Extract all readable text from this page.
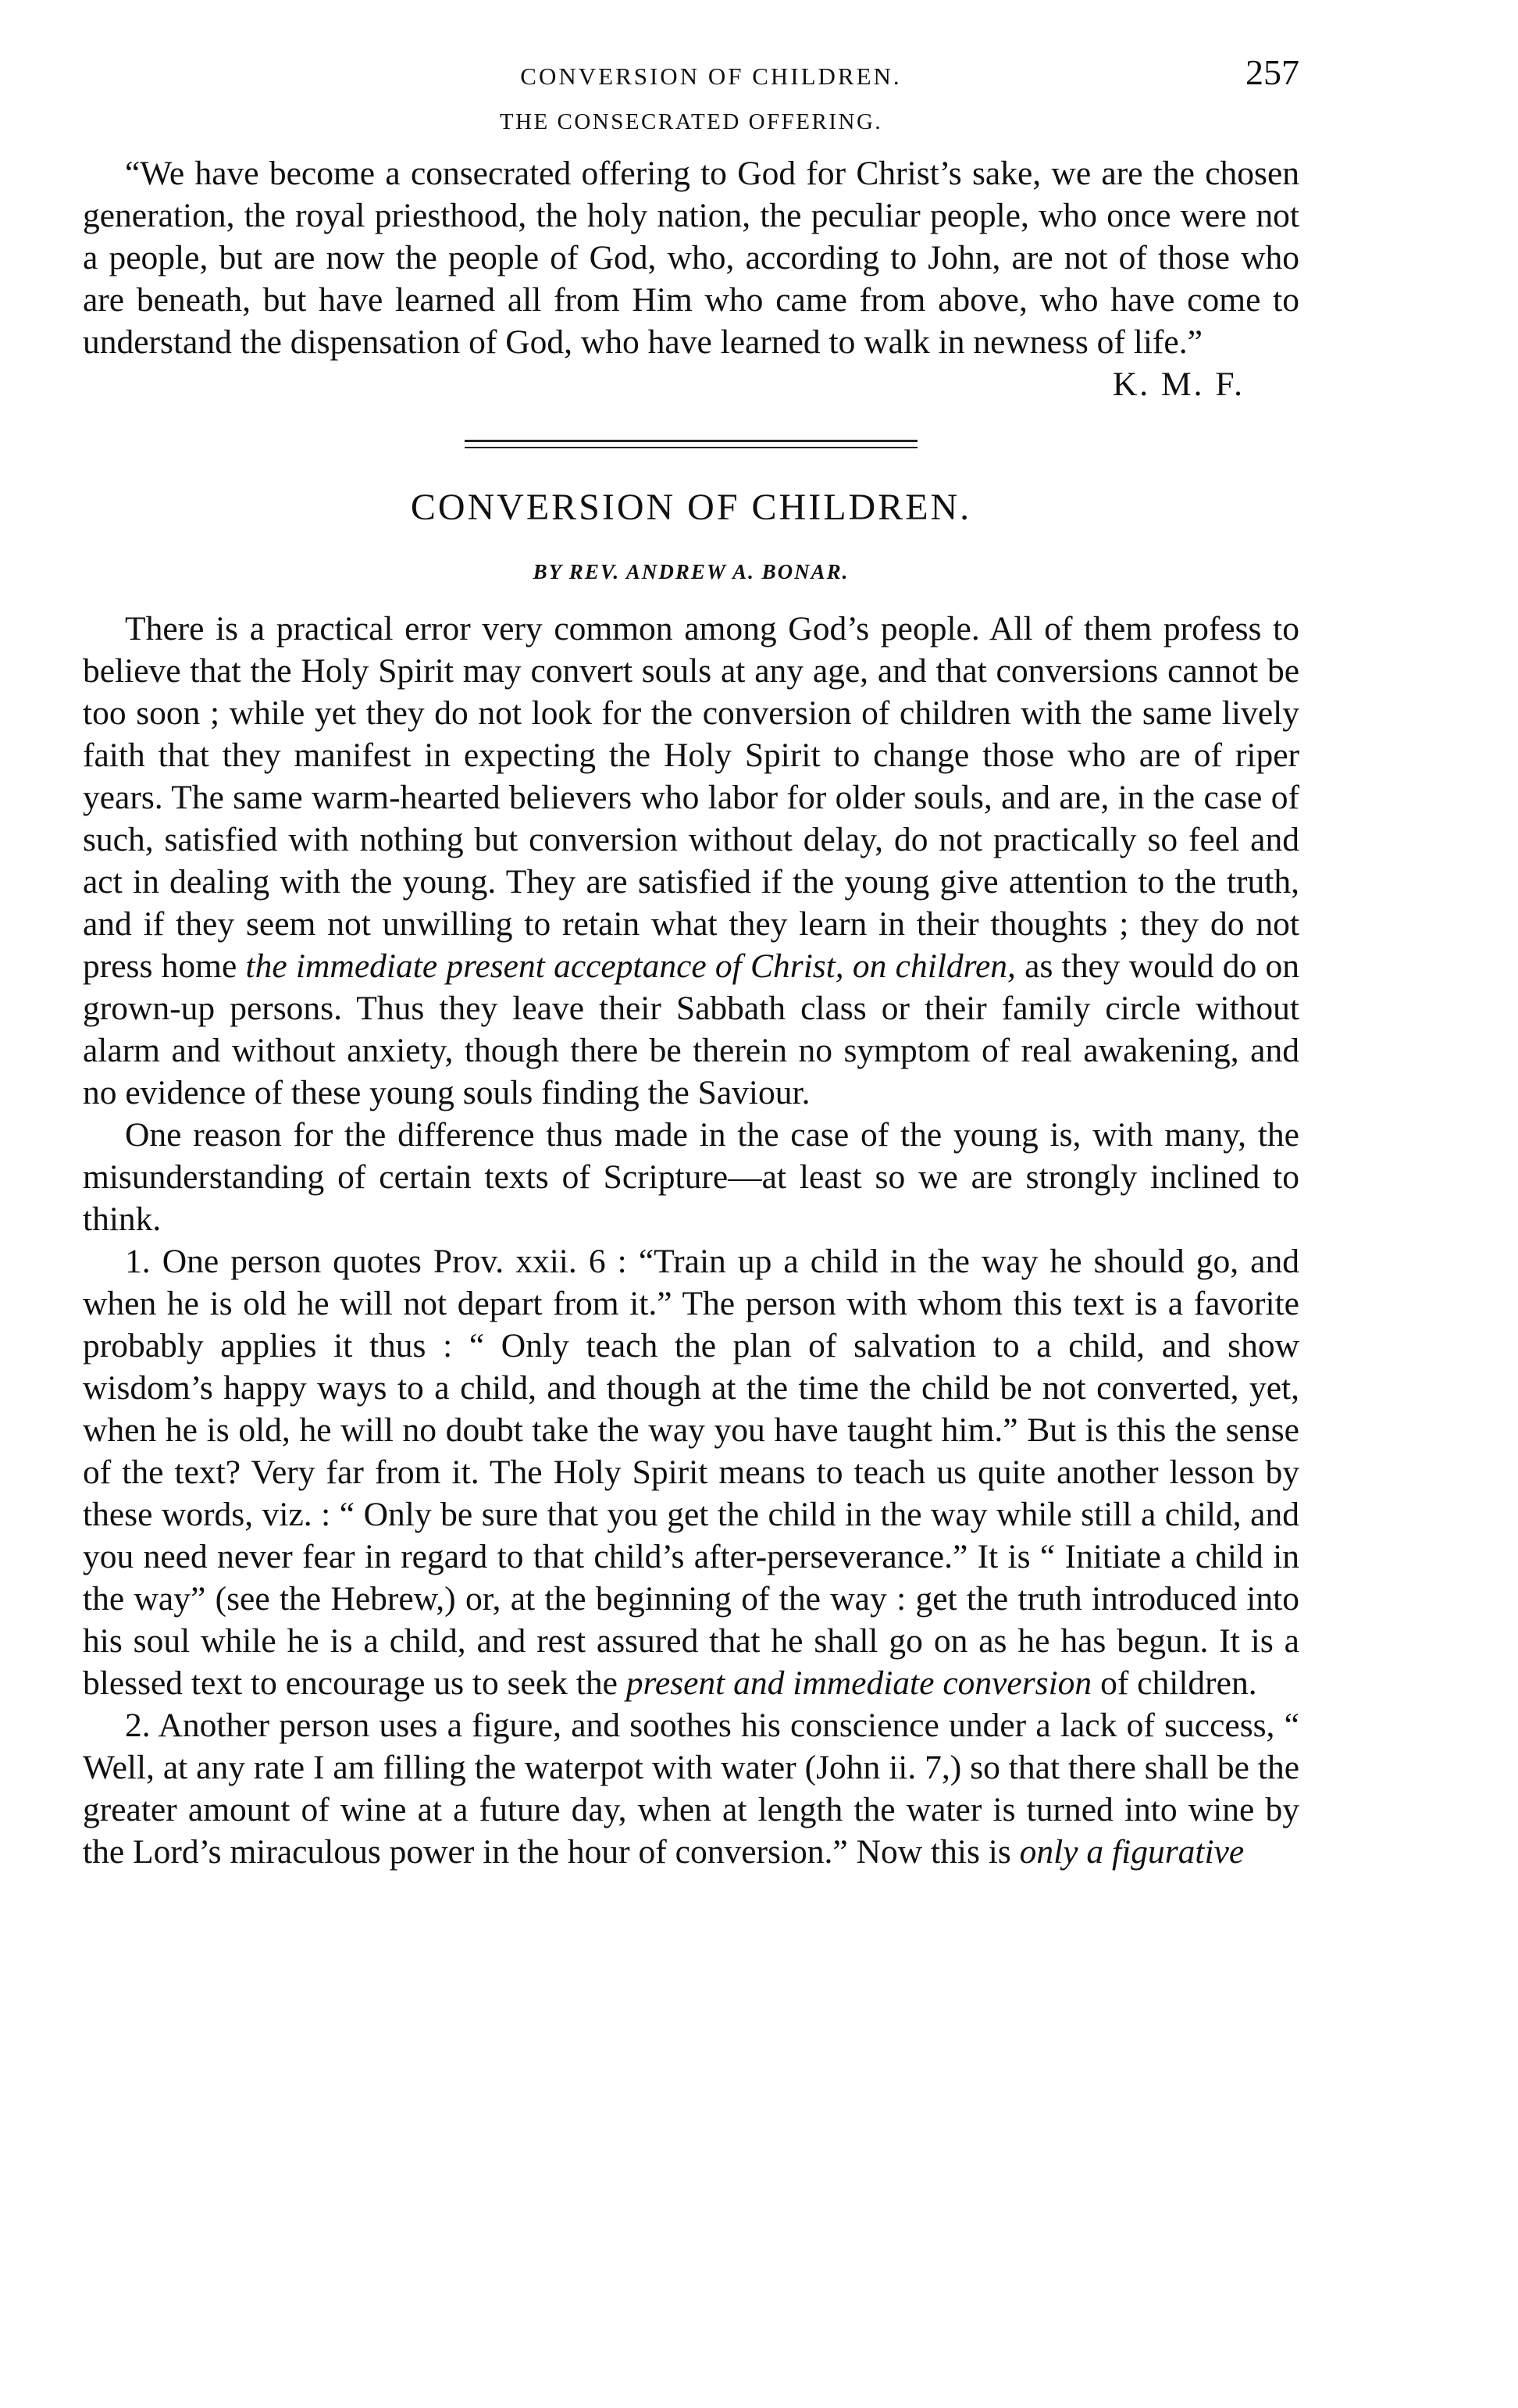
CONVERSION OF CHILDREN.	257
THE CONSECRATED OFFERING.

“We have become a consecrated offering to God for Christ’s sake, we are the chosen generation, the royal priesthood, the holy nation, the peculiar people, who once were not a people, but are now the people of God, who, according to John, are not of those who are beneath, but have learned all from Him who came from above, who have come to understand the dispensation of God, who have learned to walk in newness of life.”
K. M. F.

CONVERSION OF CHILDREN.
BY REV. ANDREW A. BONAR.

There is a practical error very common among God’s people. All of them profess to believe that the Holy Spirit may convert souls at any age, and that conversions cannot be too soon ; while yet they do not look for the conversion of children with the same lively faith that they manifest in expecting the Holy Spirit to change those who are of riper years. The same warm-hearted believers who labor for older souls, and are, in the case of such, satisfied with nothing but conversion without delay, do not practically so feel and act in dealing with the young. They are satisfied if the young give attention to the truth, and if they seem not unwilling to retain what they learn in their thoughts ; they do not press home the immediate present acceptance of Christ, on children, as they would do on grown-up persons. Thus they leave their Sabbath class or their family circle without alarm and without anxiety, though there be therein no symptom of real awakening, and no evidence of these young souls finding the Saviour.

One reason for the difference thus made in the case of the young is, with many, the misunderstanding of certain texts of Scripture—at least so we are strongly inclined to think.

1. One person quotes Prov. xxii. 6 : “Train up a child in the way he should go, and when he is old he will not depart from it.” The person with whom this text is a favorite probably applies it thus : “ Only teach the plan of salvation to a child, and show wisdom’s happy ways to a child, and though at the time the child be not converted, yet, when he is old, he will no doubt take the way you have taught him.” But is this the sense of the text? Very far from it. The Holy Spirit means to teach us quite another lesson by these words, viz. : “ Only be sure that you get the child in the way while still a child, and you need never fear in regard to that child’s after-perseverance.” It is “ Initiate a child in the way” (see the Hebrew,) or, at the beginning of the way : get the truth introduced into his soul while he is a child, and rest assured that he shall go on as he has begun. It is a blessed text to encourage us to seek the present and immediate conversion of children.

2. Another person uses a figure, and soothes his conscience under a lack of success, “ Well, at any rate I am filling the waterpot with water (John ii. 7,) so that there shall be the greater amount of wine at a future day, when at length the water is turned into wine by the Lord’s miraculous power in the hour of conversion.” Now this is only a figurative
